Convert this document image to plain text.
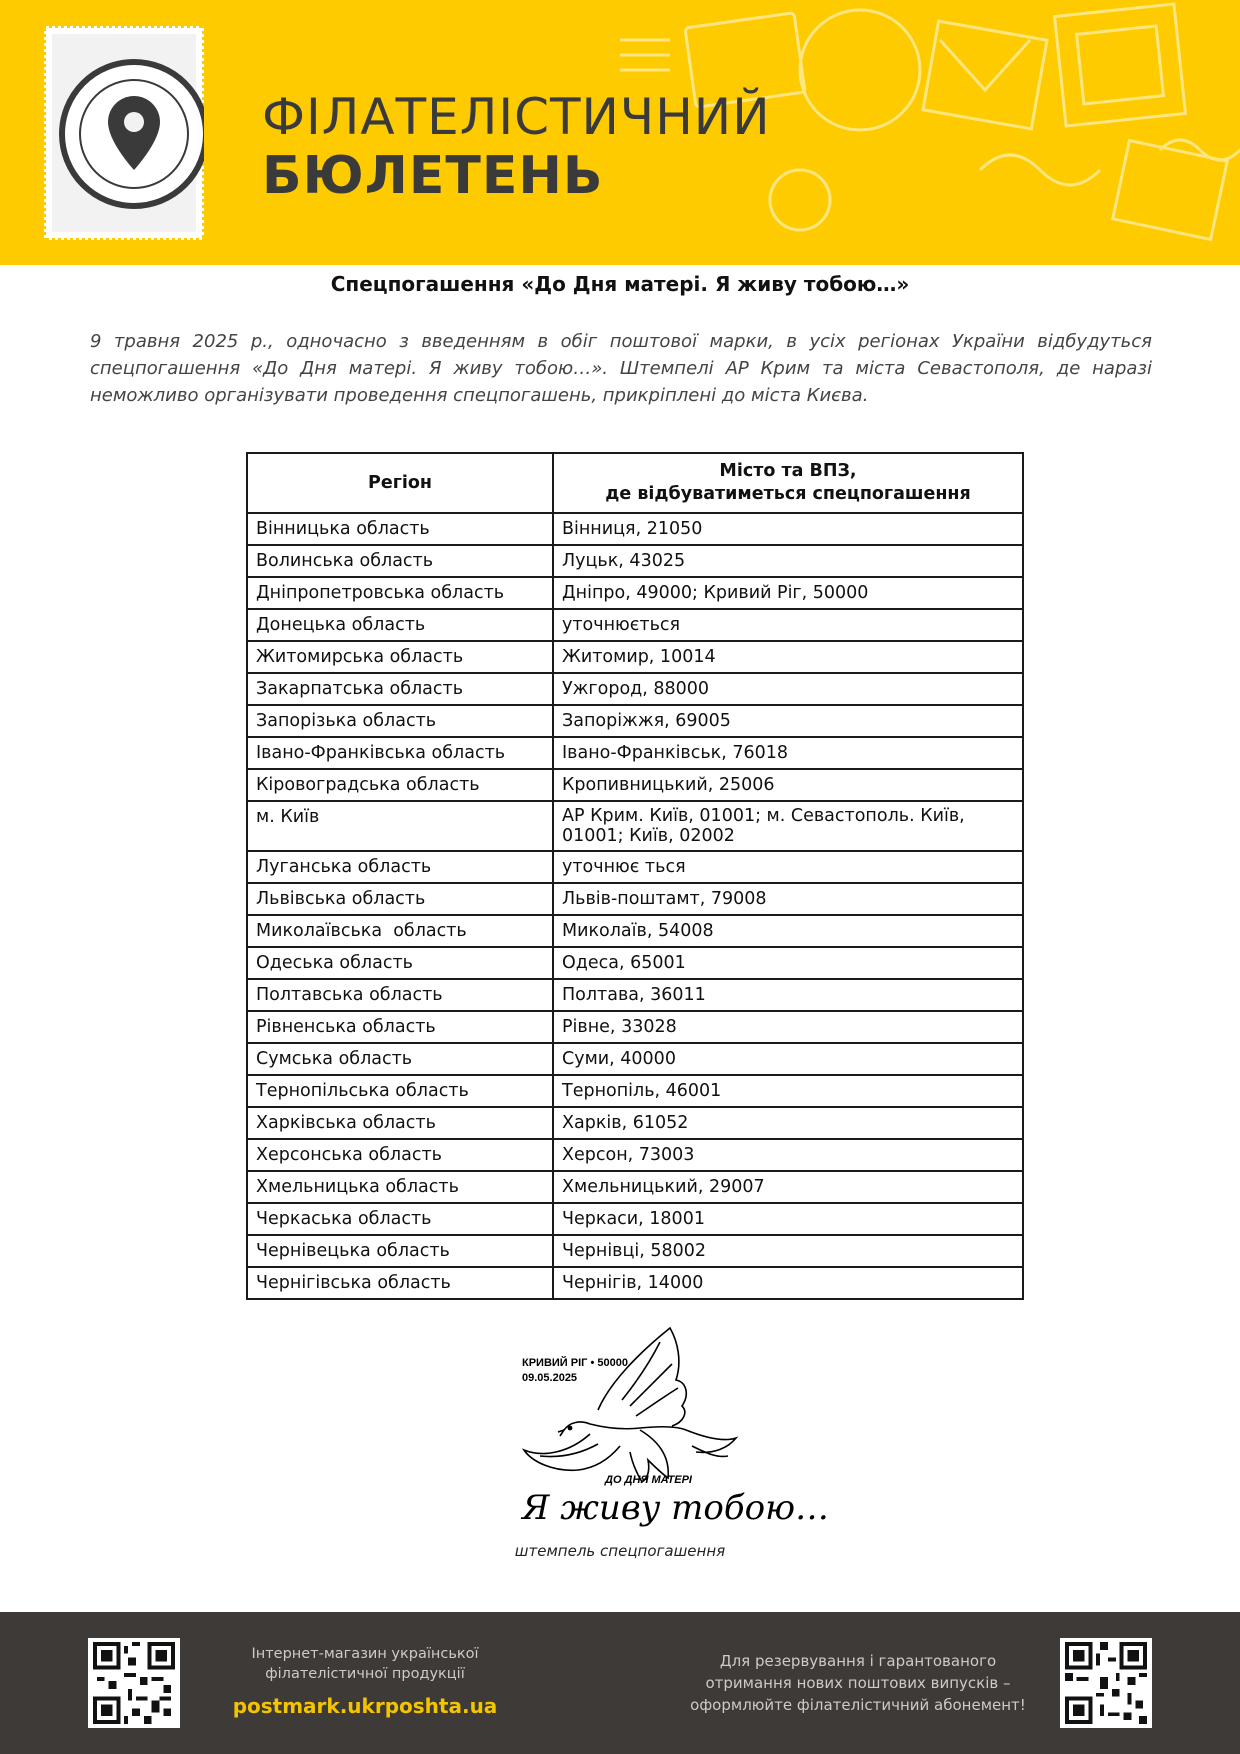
ФІЛАТЕЛІСТИЧНИЙ
БЮЛЕТЕНЬ
Спецпогашення «До Дня матері. Я живу тобою…»

9 травня 2025 р., одночасно з введенням в обіг поштової марки, в усіх регіонах України відбудуться спецпогашення «До Дня матері. Я живу тобою…». Штемпелі АР Крим та міста Севастополя, де наразі неможливо організувати проведення спецпогашень, прикріплені до міста Києва.

Регіон	Місто та ВПЗ,
де відбуватиметься спецпогашення

Вінницька область	Вінниця, 21050
Волинська область	Луцьк, 43025
Дніпропетровська область	Дніпро, 49000; Кривий Ріг, 50000
Донецька область	уточнюється
Житомирська область	Житомир, 10014
Закарпатська область	Ужгород, 88000
Запорізька область	Запоріжжя, 69005
Івано-Франківська область	Івано-Франківськ, 76018
Кіровоградська область	Кропивницький, 25006
м. Київ	АР Крим. Київ, 01001; м. Севастополь. Київ, 01001; Київ, 02002
Луганська область	уточнює ться
Львівська область	Львів-поштамт, 79008
Миколаївська  область	Миколаїв, 54008
Одеська область	Одеса, 65001
Полтавська область	Полтава, 36011
Рівненська область	Рівне, 33028
Сумська область	Суми, 40000
Тернопільська область	Тернопіль, 46001
Харківська область	Харків, 61052
Херсонська область	Херсон, 73003
Хмельницька область	Хмельницький, 29007
Черкаська область	Черкаси, 18001
Чернівецька область	Чернівці, 58002
Чернігівська область	Чернігів, 14000
КРИВИЙ РІГ • 50000
09.05.2025
ДО ДНЯ МАТЕРІ
Я живу тобою…
штемпель спецпогашення
Інтернет-магазин української
філателістичної продукції
postmark.ukrposhta.ua
Для резервування і гарантованого
отримання нових поштових випусків –
оформлюйте філателістичний абонемент!
